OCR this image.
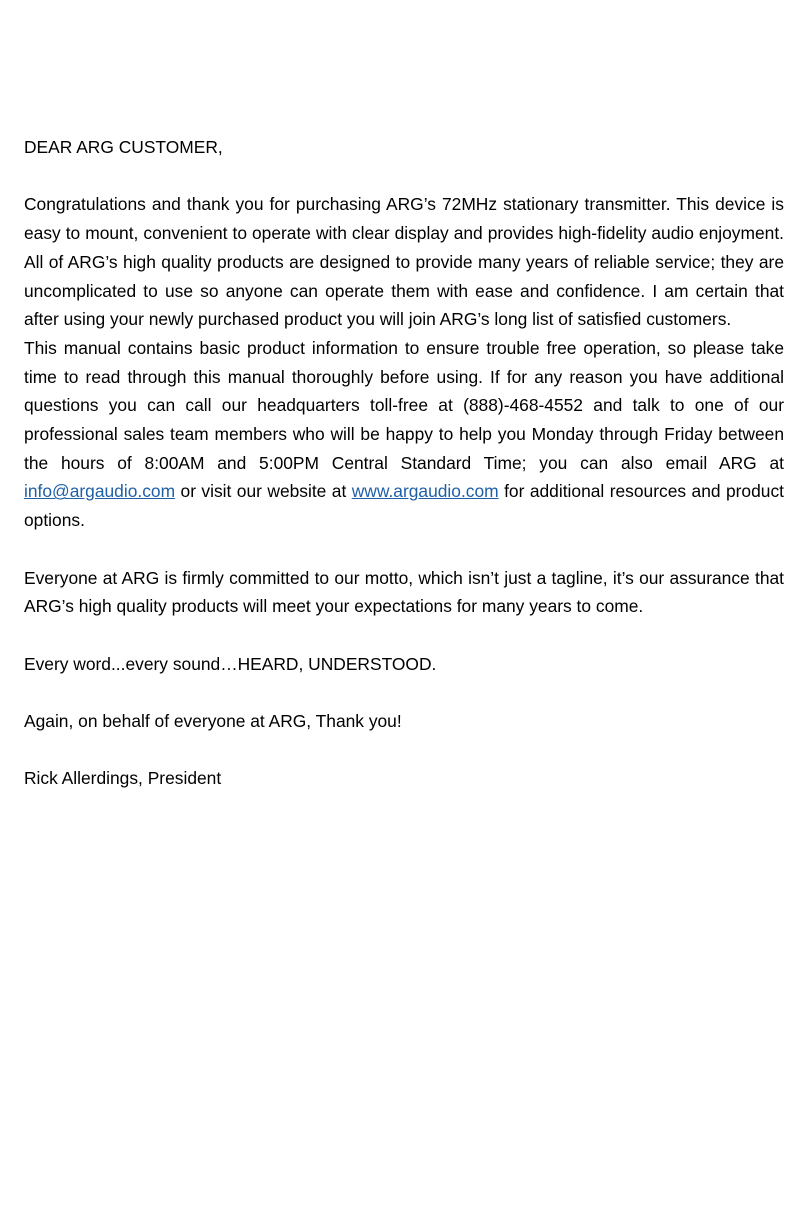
DEAR ARG CUSTOMER,

Congratulations and thank you for purchasing ARG’s 72MHz stationary transmitter. This device is easy to mount, convenient to operate with clear display and provides high-fidelity audio enjoyment. All of ARG’s high quality products are designed to provide many years of reliable service; they are uncomplicated to use so anyone can operate them with ease and confidence. I am certain that after using your newly purchased product you will join ARG’s long list of satisfied customers.

This manual contains basic product information to ensure trouble free operation, so please take time to read through this manual thoroughly before using. If for any reason you have additional questions you can call our headquarters toll-free at (888)-468-4552 and talk to one of our professional sales team members who will be happy to help you Monday through Friday between the hours of 8:00AM and 5:00PM Central Standard Time; you can also email ARG at info@argaudio.com or visit our website at www.argaudio.com for additional resources and product options.

Everyone at ARG is firmly committed to our motto, which isn’t just a tagline, it’s our assurance that ARG’s high quality products will meet your expectations for many years to come.

Every word...every sound…HEARD, UNDERSTOOD.

Again, on behalf of everyone at ARG, Thank you!

Rick Allerdings, President
